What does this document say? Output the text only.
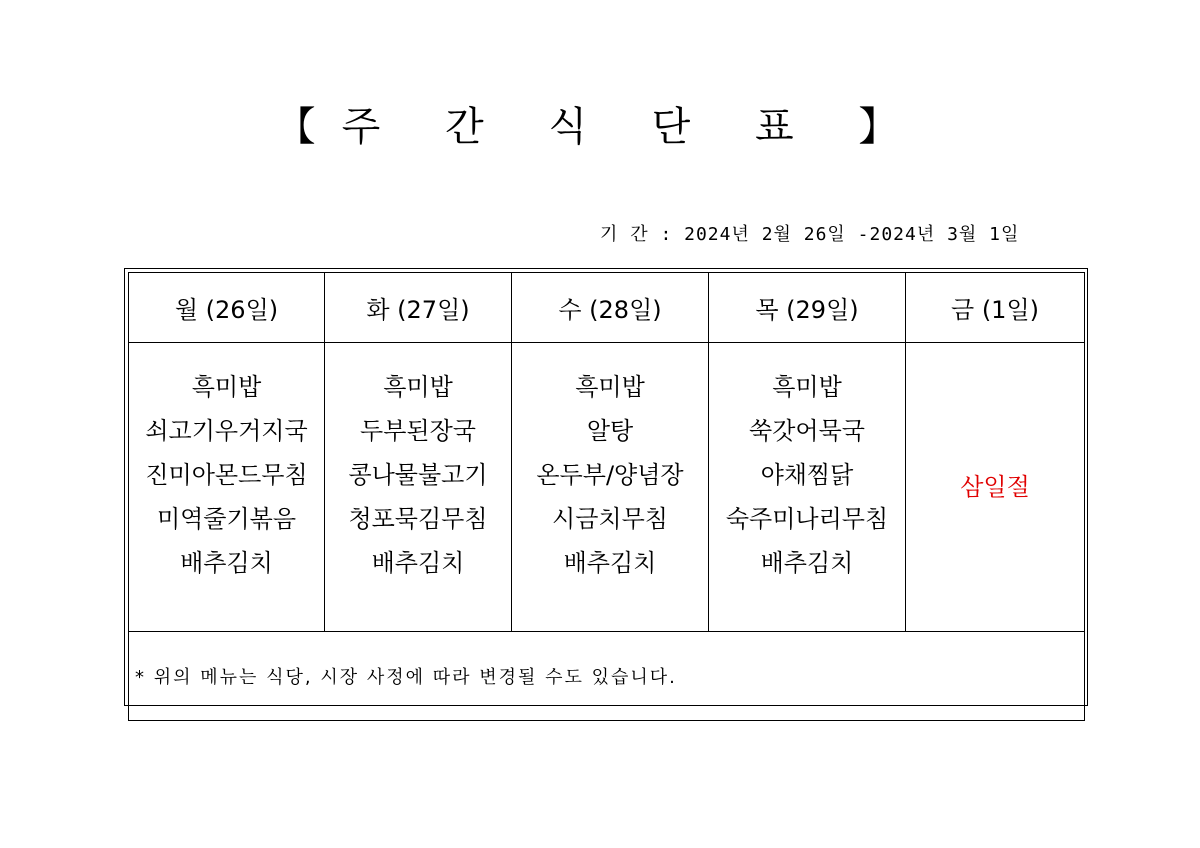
【주 간 식 단 표 】
기 간 : 2024년 2월 26일 -2024년 3월 1일
월 (26일)	화 (27일)	수 (28일)	목 (29일)	금 (1일)

흑미밥
쇠고기우거지국
진미아몬드무침
미역줄기볶음
배추김치	흑미밥
두부된장국
콩나물불고기
청포묵김무침
배추김치	흑미밥
알탕
온두부/양념장
시금치무침
배추김치	흑미밥
쑥갓어묵국
야채찜닭
숙주미나리무침
배추김치	삼일절
* 위의 메뉴는 식당, 시장 사정에 따라 변경될 수도 있습니다.				
